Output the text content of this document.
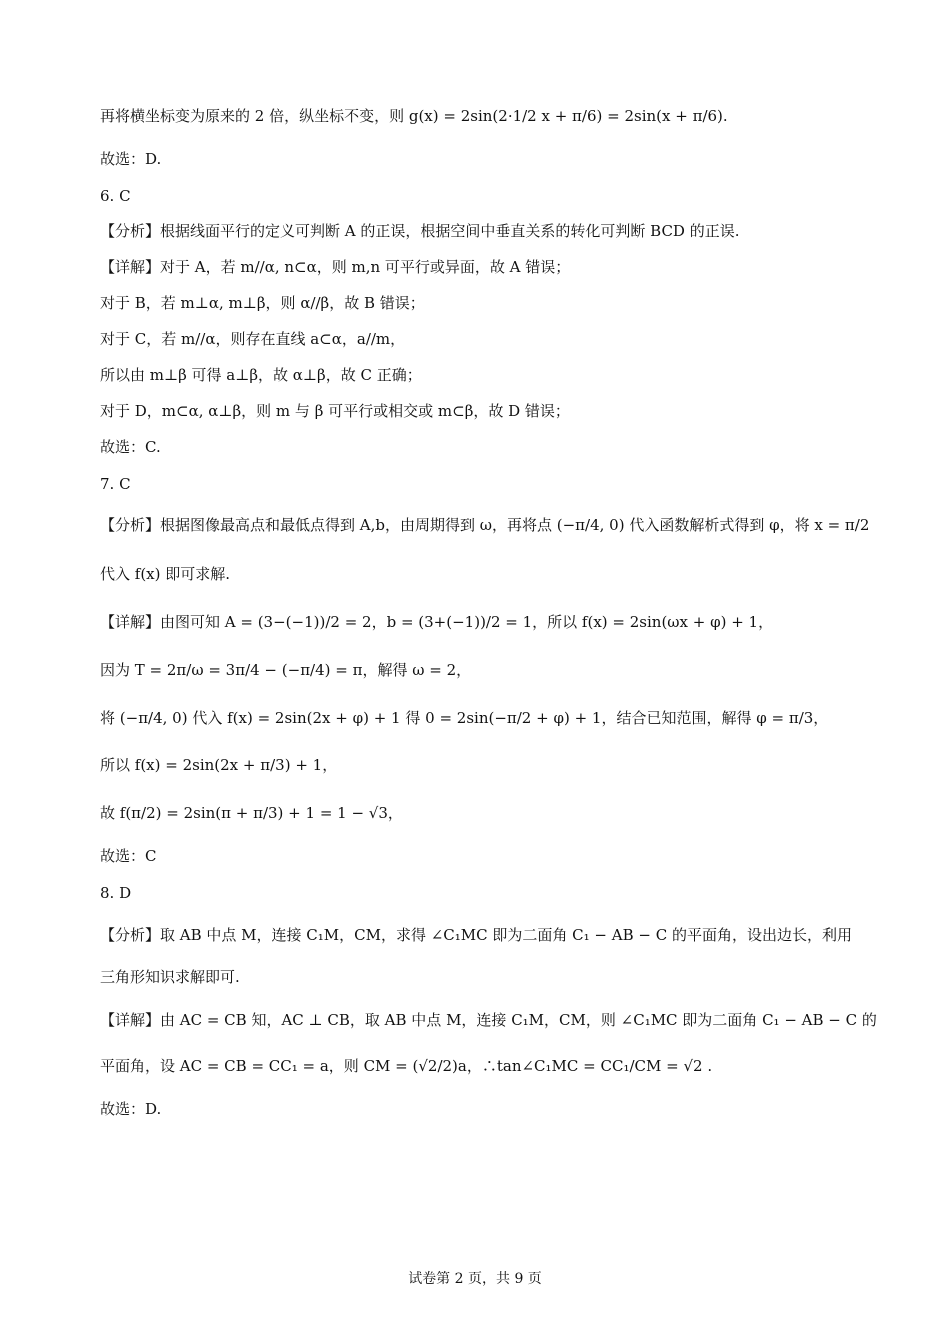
再将横坐标变为原来的 2 倍，纵坐标不变，则 g(x) = 2sin(2·1/2 x + π/6) = 2sin(x + π/6).
故选：D.
6. C
【分析】根据线面平行的定义可判断 A 的正误，根据空间中垂直关系的转化可判断 BCD 的正误.
【详解】对于 A，若 m//α, n⊂α，则 m,n 可平行或异面，故 A 错误；
对于 B，若 m⊥α, m⊥β，则 α//β，故 B 错误；
对于 C，若 m//α，则存在直线 a⊂α，a//m，
所以由 m⊥β 可得 a⊥β，故 α⊥β，故 C 正确；
对于 D，m⊂α, α⊥β，则 m 与 β 可平行或相交或 m⊂β，故 D 错误；
故选：C.
7. C
【分析】根据图像最高点和最低点得到 A,b，由周期得到 ω，再将点 (−π/4, 0) 代入函数解析式得到 φ，将 x = π/2
代入 f(x) 即可求解.
【详解】由图可知 A = (3−(−1))/2 = 2，b = (3+(−1))/2 = 1，所以 f(x) = 2sin(ωx + φ) + 1，
因为 T = 2π/ω = 3π/4 − (−π/4) = π，解得 ω = 2，
将 (−π/4, 0) 代入 f(x) = 2sin(2x + φ) + 1 得 0 = 2sin(−π/2 + φ) + 1，结合已知范围，解得 φ = π/3，
所以 f(x) = 2sin(2x + π/3) + 1，
故 f(π/2) = 2sin(π + π/3) + 1 = 1 − √3，
故选：C
8. D
【分析】取 AB 中点 M，连接 C₁M，CM，求得 ∠C₁MC 即为二面角 C₁ − AB − C 的平面角，设出边长，利用
三角形知识求解即可.
【详解】由 AC = CB 知，AC ⊥ CB，取 AB 中点 M，连接 C₁M，CM，则 ∠C₁MC 即为二面角 C₁ − AB − C 的
平面角，设 AC = CB = CC₁ = a，则 CM = (√2/2)a，∴tan∠C₁MC = CC₁/CM = √2 .
故选：D.
试卷第 2 页，共 9 页
